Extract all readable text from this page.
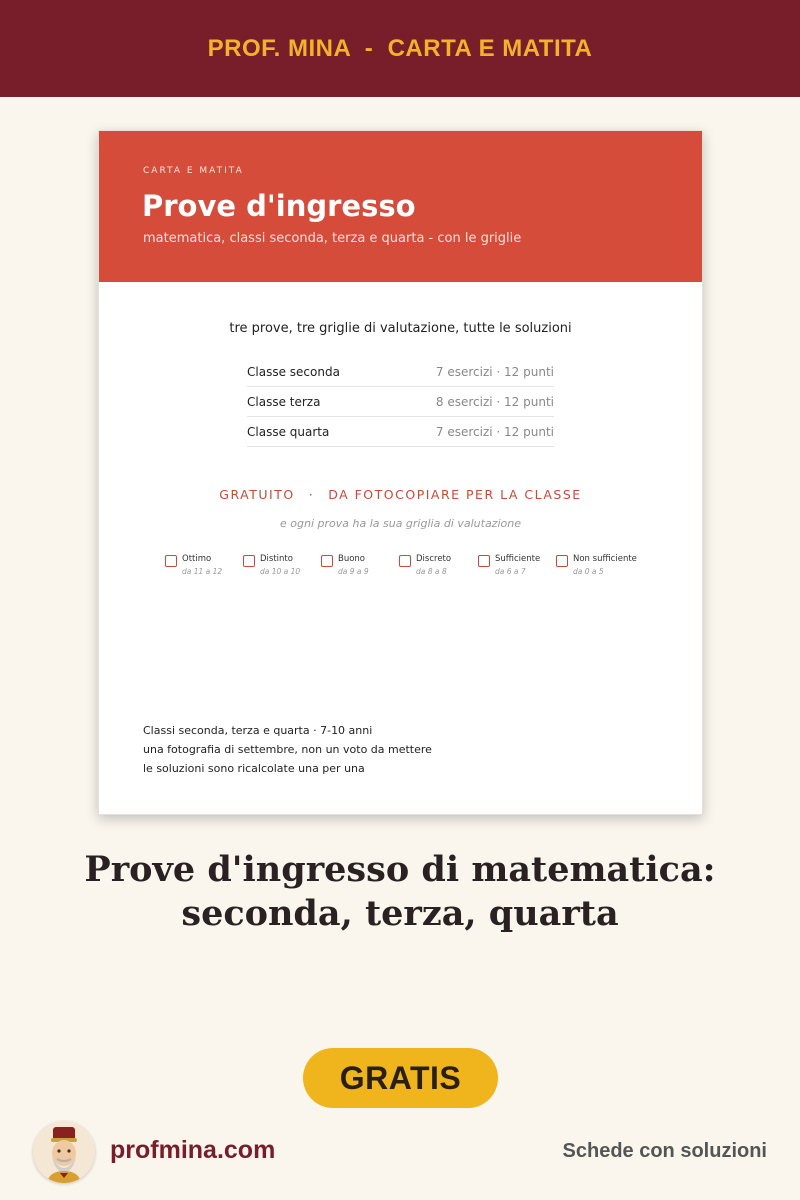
PROF. MINA  -  CARTA E MATITA
CARTA E MATITA
Prove d'ingresso
matematica, classi seconda, terza e quarta - con le griglie

tre prove, tre griglie di valutazione, tutte le soluzioni

Classe seconda	7 esercizi · 12 punti
Classe terza	8 esercizi · 12 punti
Classe quarta	7 esercizi · 12 punti
GRATUITO · DA FOTOCOPIARE PER LA CLASSE

e ogni prova ha la sua griglia di valutazione

Ottimo
da 11 a 12
Distinto
da 10 a 10
Buono
da 9 a 9
Discreto
da 8 a 8
Sufficiente
da 6 a 7
Non sufficiente
da 0 a 5
Classi seconda, terza e quarta · 7-10 anni
una fotografia di settembre, non un voto da mettere
le soluzioni sono ricalcolate una per una
Prove d'ingresso di matematica:
seconda, terza, quarta
GRATIS
profmina.com	Schede con soluzioni
